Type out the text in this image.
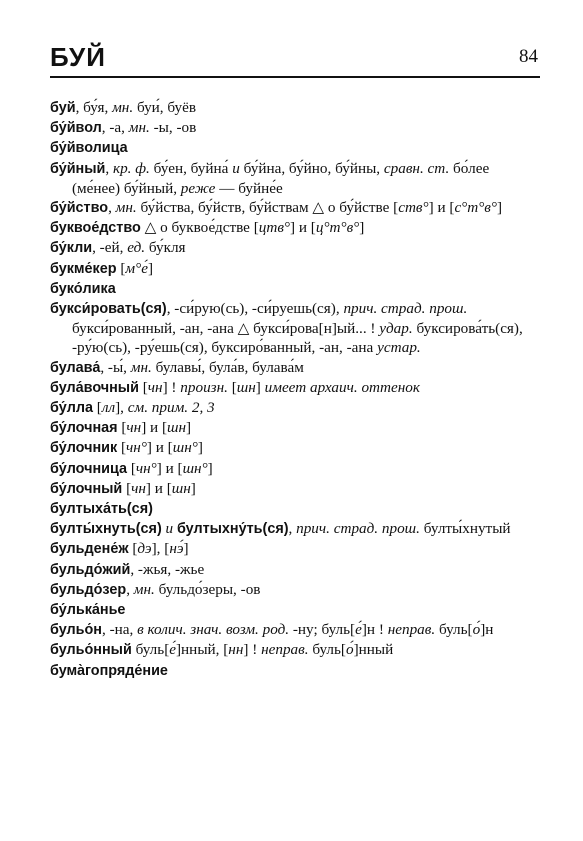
БУЙ	84
буй, бу́я, мн. буи́, буёв
бу́йвол, -а, мн. -ы, -ов
бу́йволица
бу́йный, кр. ф. бу́ен, буйна́ и бу́йна, бу́йно, бу́йны, сравн. ст. бо́лее (ме́нее) бу́йный, реже — буйне́е
бу́йство, мн. бу́йства, бу́йств, бу́йствам △ о бу́йстве [ств°] и [с°т°в°]
буквое́дство △ о буквое́дстве [цтв°] и [ц°т°в°]
бу́кли, -ей, ед. бу́кля
букме́кер [м°е́]
буко́лика
букси́ровать(ся), -си́рую(сь), -си́руешь(ся), прич. страд. прош. букси́рованный, -ан, -ана △ букси́рова[н]ый... ! удар. буксирова́ть(ся), -ру́ю(сь), -ру́ешь(ся), буксиро́ванный, -ан, -ана устар.
булава́, -ы́, мн. булавы́, була́в, булава́м
була́вочный [чн] ! произн. [шн] имеет архаич. оттенок
бу́лла [лл], см. прим. 2, 3
бу́лочная [чн] и [шн]
бу́лочник [чн°] и [шн°]
бу́лочница [чн°] и [шн°]
бу́лочный [чн] и [шн]
бултыха́ть(ся)
булты́хнуть(ся) и бултыхну́ть(ся), прич. страд. прош. булты́хнутый
бульдене́ж [дэ], [нэ́]
бульдо́жий, -жья, -жье
бульдо́зер, мн. бульдо́зеры, -ов
бу́лька́нье
бульо́н, -на, в колич. знач. возм. род. -ну; буль[е́]н ! неправ. буль[о́]н
бульо́нный буль[е́]нный, [нн] ! неправ. буль[о́]нный
бума̀гопряде́ние
